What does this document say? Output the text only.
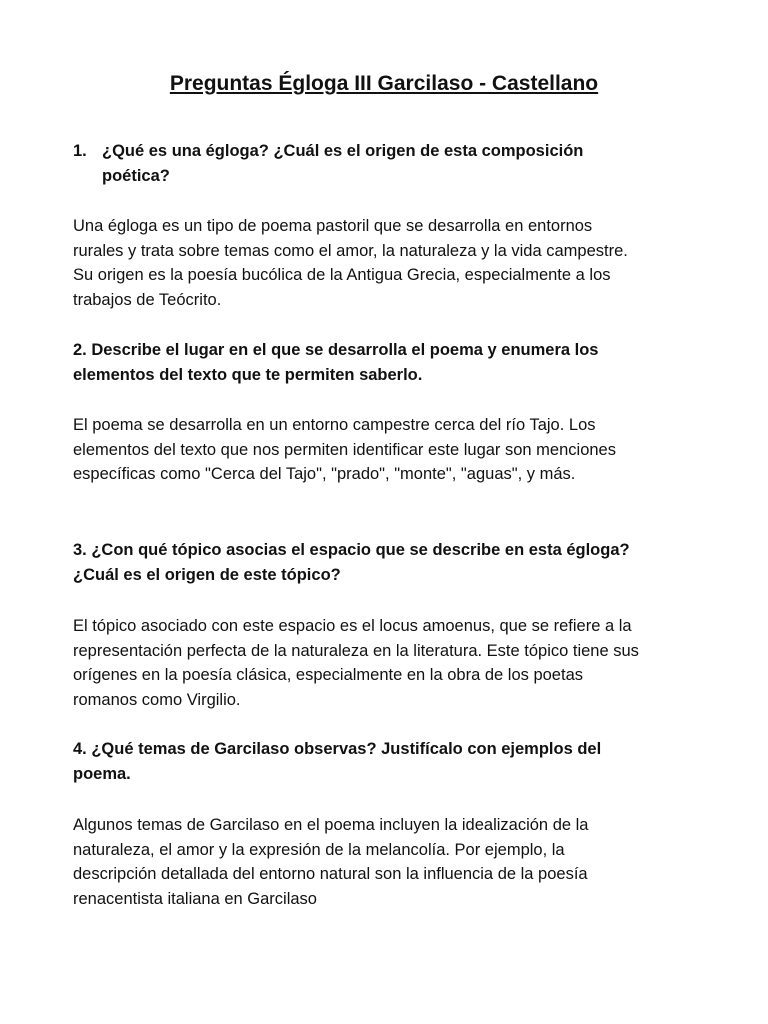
Preguntas Égloga III Garcilaso - Castellano
1. ¿Qué es una égloga? ¿Cuál es el origen de esta composición
poética?
Una égloga es un tipo de poema pastoril que se desarrolla en entornos
rurales y trata sobre temas como el amor, la naturaleza y la vida campestre.
Su origen es la poesía bucólica de la Antigua Grecia, especialmente a los
trabajos de Teócrito.
2. Describe el lugar en el que se desarrolla el poema y enumera los
elementos del texto que te permiten saberlo.
El poema se desarrolla en un entorno campestre cerca del río Tajo. Los
elementos del texto que nos permiten identificar este lugar son menciones
específicas como "Cerca del Tajo", "prado", "monte", "aguas", y más.
3. ¿Con qué tópico asocias el espacio que se describe en esta égloga?
¿Cuál es el origen de este tópico?
El tópico asociado con este espacio es el locus amoenus, que se refiere a la
representación perfecta de la naturaleza en la literatura. Este tópico tiene sus
orígenes en la poesía clásica, especialmente en la obra de los poetas
romanos como Virgilio.
4. ¿Qué temas de Garcilaso observas? Justifícalo con ejemplos del
poema.
Algunos temas de Garcilaso en el poema incluyen la idealización de la
naturaleza, el amor y la expresión de la melancolía. Por ejemplo, la
descripción detallada del entorno natural son la influencia de la poesía
renacentista italiana en Garcilaso
